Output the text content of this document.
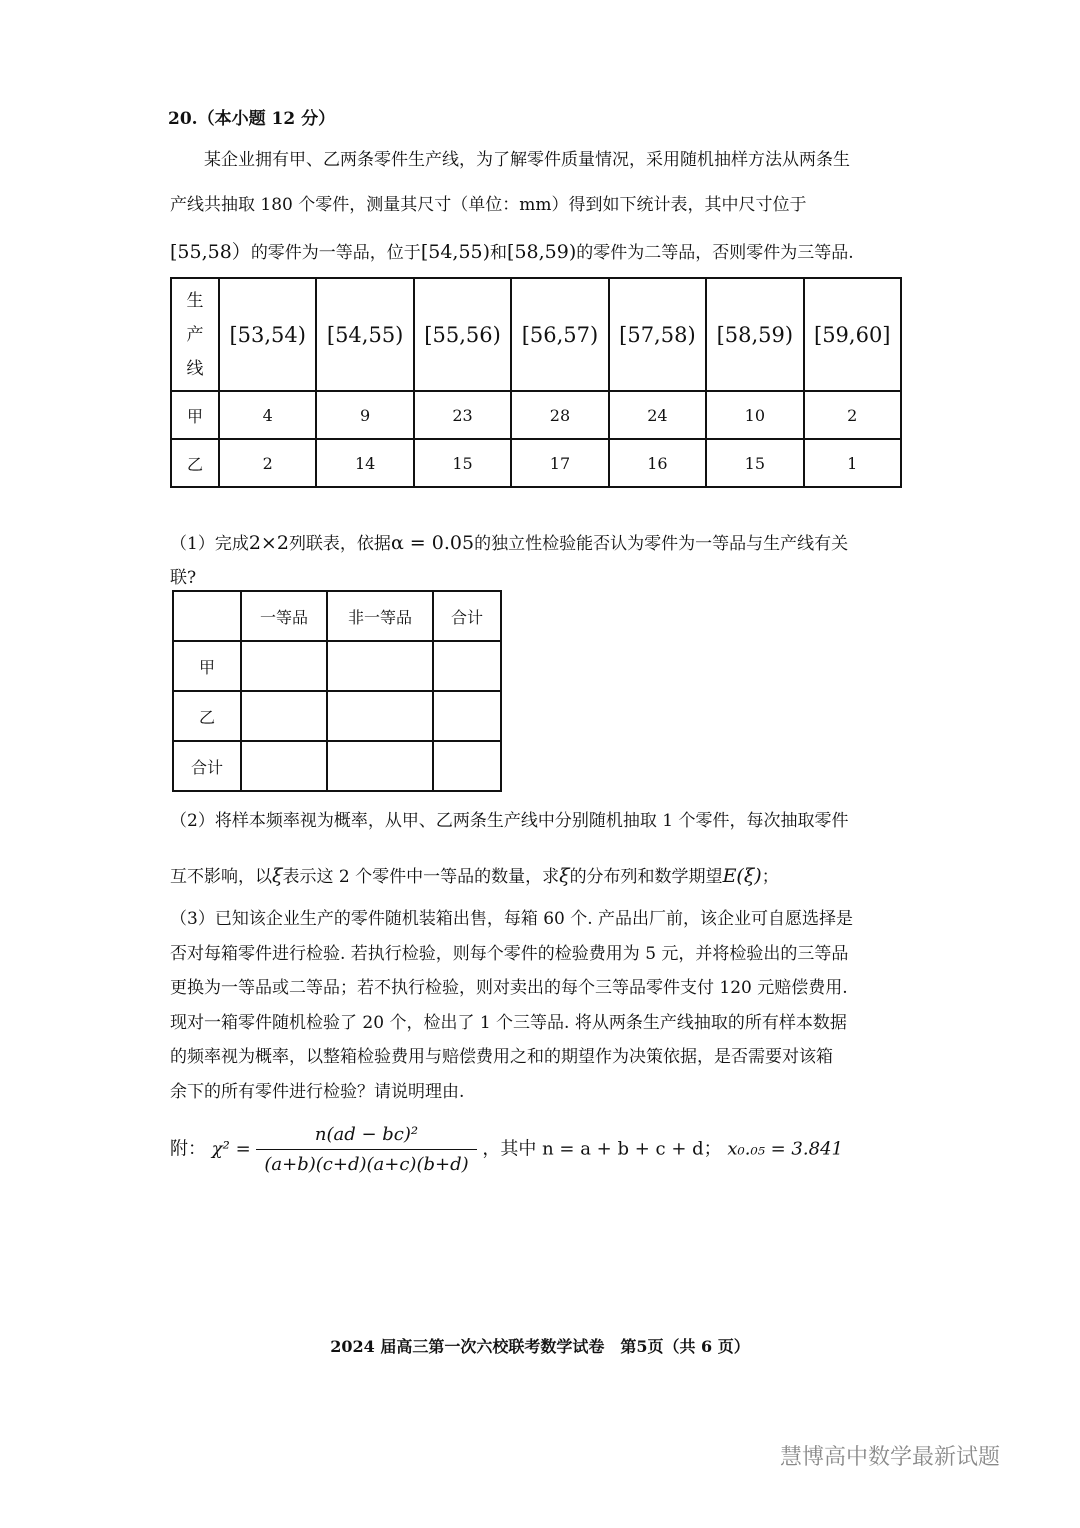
20.（本小题 12 分）
某企业拥有甲、乙两条零件生产线，为了解零件质量情况，采用随机抽样方法从两条生
产线共抽取 180 个零件，测量其尺寸（单位：mm）得到如下统计表，其中尺寸位于
[55,58）的零件为一等品，位于[54,55)和[58,59)的零件为二等品，否则零件为三等品.
生
产
线	[53,54)	[54,55)	[55,56)	[56,57)	[57,58)	[58,59)	[59,60]
甲	4	9	23	28	24	10	2
乙	2	14	15	17	16	15	1
（1）完成2×2列联表，依据α = 0.05的独立性检验能否认为零件为一等品与生产线有关
联?
	一等品	非一等品	合计
甲			
乙			
合计			
（2）将样本频率视为概率，从甲、乙两条生产线中分别随机抽取 1 个零件，每次抽取零件
互不影响，以ξ表示这 2 个零件中一等品的数量，求ξ的分布列和数学期望E(ξ)；
（3）已知该企业生产的零件随机装箱出售，每箱 60 个. 产品出厂前，该企业可自愿选择是
否对每箱零件进行检验. 若执行检验，则每个零件的检验费用为 5 元，并将检验出的三等品
更换为一等品或二等品；若不执行检验，则对卖出的每个三等品零件支付 120 元赔偿费用.
现对一箱零件随机检验了 20 个，检出了 1 个三等品. 将从两条生产线抽取的所有样本数据
的频率视为概率，以整箱检验费用与赔偿费用之和的期望作为决策依据，是否需要对该箱
余下的所有零件进行检验？请说明理由.
附： $\chi^2 = \frac{\text{n(ad − bc)²}}{(a+b)(c+d)(a+c)(b+d)}$ ，其中 n = a + b + c + d； x₀.₀₅ = 3.841
2024 届高三第一次六校联考数学试卷　第5页（共 6 页）
慧博高中数学最新试题
